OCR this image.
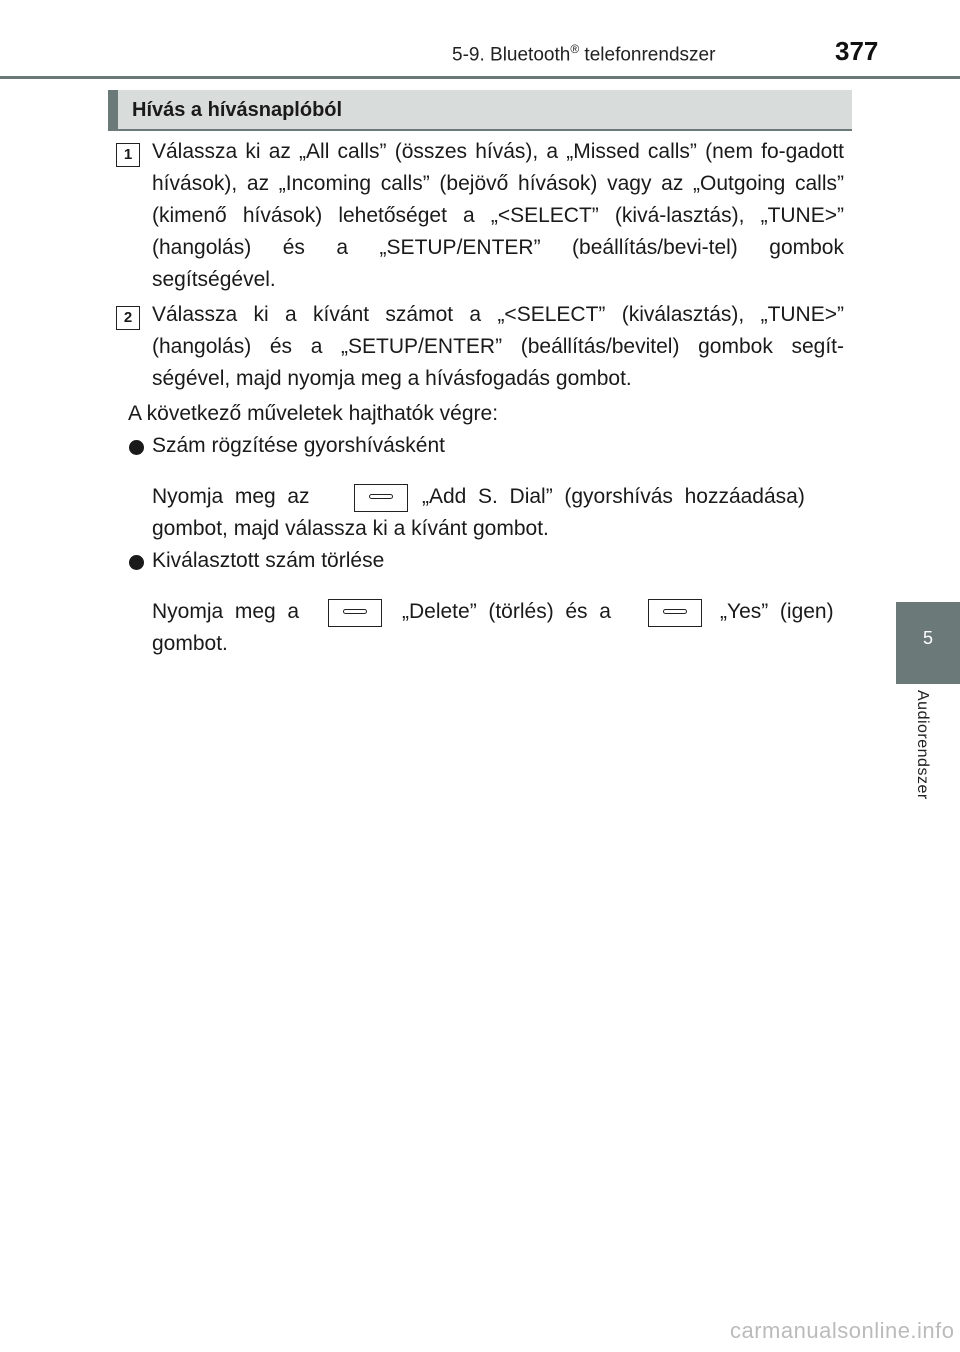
5-9. Bluetooth® telefonrendszer	377
5
Audiorendszer
Hívás a hívásnaplóból
1 Válassza ki az „All calls” (összes hívás), a „Missed calls” (nem fo-gadott hívások), az „Incoming calls” (bejövő hívások) vagy az „Outgoing calls” (kimenő hívások) lehetőséget a „<SELECT” (kivá-lasztás), „TUNE>” (hangolás) és a „SETUP/ENTER” (beállítás/bevi-tel) gombok segítségével.
2 Válassza ki a kívánt számot a „<SELECT” (kiválasztás), „TUNE>” (hangolás) és a „SETUP/ENTER” (beállítás/bevitel) gombok segít-ségével, majd nyomja meg a hívásfogadás gombot.
A következő műveletek hajthatók végre:
Szám rögzítése gyorshívásként
Nyomja  meg  az	„Add  S.  Dial”  (gyorshívás  hozzáadása)
gombot, majd válassza ki a kívánt gombot.
Kiválasztott szám törlése
Nyomja  meg  a	„Delete”  (törlés)  és  a	„Yes”  (igen)
gombot.
carmanualsonline.info
